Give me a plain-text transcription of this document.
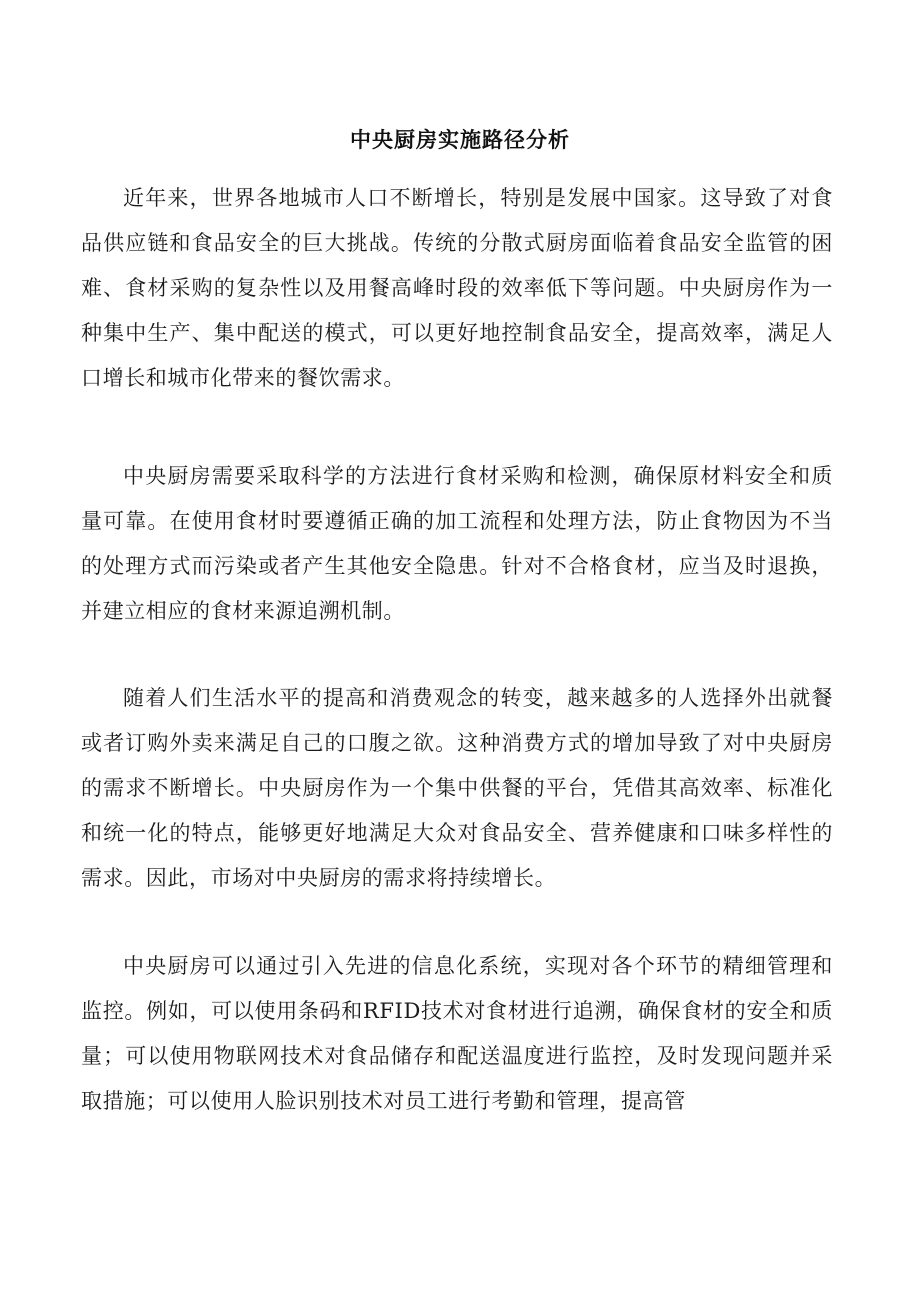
中央厨房实施路径分析

近年来，世界各地城市人口不断增长，特别是发展中国家。这导致了对食品供应链和食品安全的巨大挑战。传统的分散式厨房面临着食品安全监管的困难、食材采购的复杂性以及用餐高峰时段的效率低下等问题。中央厨房作为一种集中生产、集中配送的模式，可以更好地控制食品安全，提高效率，满足人口增长和城市化带来的餐饮需求。

中央厨房需要采取科学的方法进行食材采购和检测，确保原材料安全和质量可靠。在使用食材时要遵循正确的加工流程和处理方法，防止食物因为不当的处理方式而污染或者产生其他安全隐患。针对不合格食材，应当及时退换，并建立相应的食材来源追溯机制。

随着人们生活水平的提高和消费观念的转变，越来越多的人选择外出就餐或者订购外卖来满足自己的口腹之欲。这种消费方式的增加导致了对中央厨房的需求不断增长。中央厨房作为一个集中供餐的平台，凭借其高效率、标准化和统一化的特点，能够更好地满足大众对食品安全、营养健康和口味多样性的需求。因此，市场对中央厨房的需求将持续增长。

中央厨房可以通过引入先进的信息化系统，实现对各个环节的精细管理和监控。例如，可以使用条码和RFID技术对食材进行追溯，确保食材的安全和质量；可以使用物联网技术对食品储存和配送温度进行监控，及时发现问题并采取措施；可以使用人脸识别技术对员工进行考勤和管理，提高管
